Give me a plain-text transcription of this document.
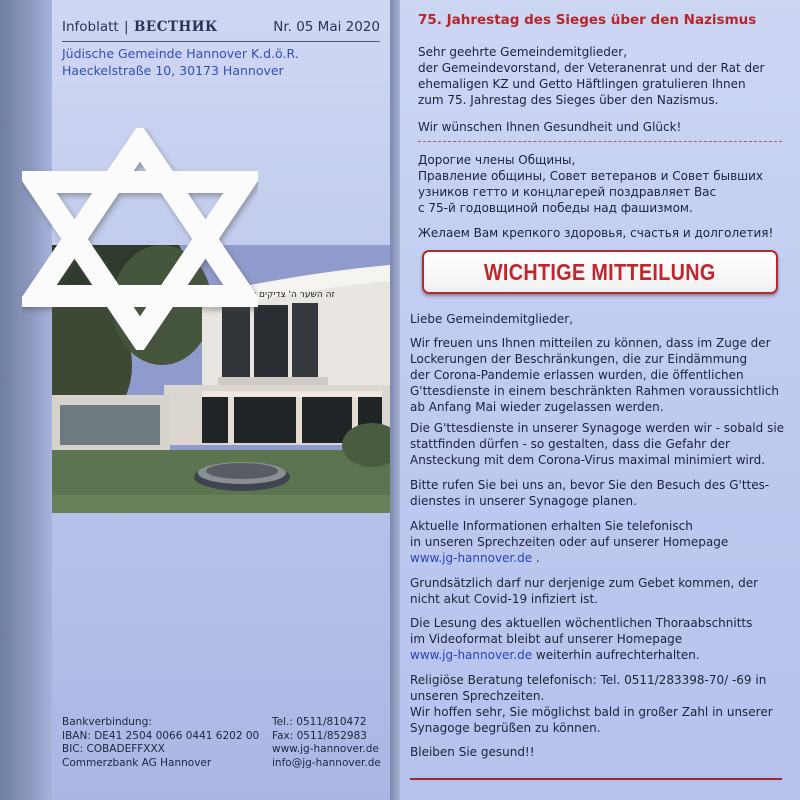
Infoblatt | ВЕСТНИК	Nr. 05 Mai 2020
Jüdische Gemeinde Hannover K.d.ö.R.
Haeckelstraße 10, 30173 Hannover
זה השער ה' צדיקים יבאו בו
Bankverbindung:
IBAN: DE41 2504 0066 0441 6202 00
BIC: COBADEFFXXX
Commerzbank AG Hannover
Tel.: 0511/810472
Fax: 0511/852983
www.jg-hannover.de
info@jg-hannover.de
75. Jahrestag des Sieges über den Nazismus
Sehr geehrte Gemeindemitglieder,
der Gemeindevorstand, der Veteranenrat und der Rat der
ehemaligen KZ und Getto Häftlingen gratulieren Ihnen
zum 75. Jahrestag des Sieges über den Nazismus.
Wir wünschen Ihnen Gesundheit und Glück!
Дорогие члены Общины,
Правление общины, Совет ветеранов и Совет бывших
узников гетто и концлагерей поздравляет Вас
с 75-й годовщиной победы над фашизмом.
Желаем Вам крепкого здоровья, счастья и долголетия!
WICHTIGE MITTEILUNG
Liebe Gemeindemitglieder,
Wir freuen uns Ihnen mitteilen zu können, dass im Zuge der
Lockerungen der Beschränkungen, die zur Eindämmung
der Corona-Pandemie erlassen wurden, die öffentlichen
G'ttesdienste in einem beschränkten Rahmen voraussichtlich
ab Anfang Mai wieder zugelassen werden.
Die G'ttesdienste in unserer Synagoge werden wir - sobald sie
stattfinden dürfen - so gestalten, dass die Gefahr der
Ansteckung mit dem Corona-Virus maximal minimiert wird.
Bitte rufen Sie bei uns an, bevor Sie den Besuch des G'ttes-
dienstes in unserer Synagoge planen.
Aktuelle Informationen erhalten Sie telefonisch
in unseren Sprechzeiten oder auf unserer Homepage
www.jg-hannover.de .
Grundsätzlich darf nur derjenige zum Gebet kommen, der
nicht akut Covid-19 infiziert ist.
Die Lesung des aktuellen wöchentlichen Thoraabschnitts
im Videoformat bleibt auf unserer Homepage
www.jg-hannover.de weiterhin aufrechterhalten.
Religiöse Beratung telefonisch: Tel. 0511/283398-70/ -69 in
unseren Sprechzeiten.
Wir hoffen sehr, Sie möglichst bald in großer Zahl in unserer
Synagoge begrüßen zu können.
Bleiben Sie gesund!!
